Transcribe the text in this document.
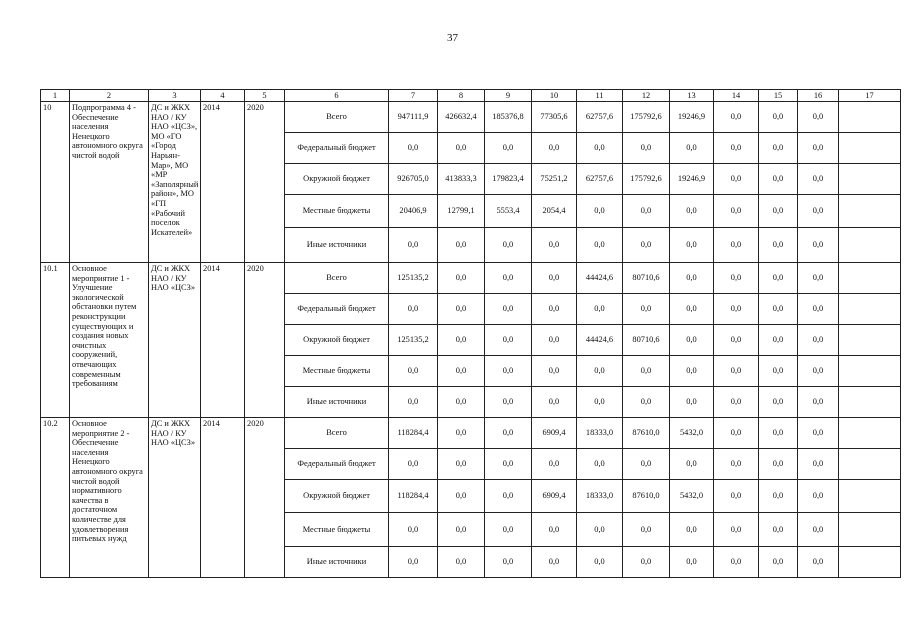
37
1	2	3	4	5	6	7	8	9	10	11	12	13	14	15	16	17
10	Подпрограмма 4 - Обеспечение населения Ненецкого автономного округа чистой водой	ДС и ЖКХ НАО / КУ НАО «ЦСЗ», МО «ГО «Город Нарьян-Мар», МО «МР «Заполярный район», МО «ГП «Рабочий поселок Искателей»	2014	2020	Всего	947111,9	426632,4	185376,8	77305,6	62757,6	175792,6	19246,9	0,0	0,0	0,0	
					Федеральный бюджет	0,0	0,0	0,0	0,0	0,0	0,0	0,0	0,0	0,0	0,0	
					Окружной бюджет	926705,0	413833,3	179823,4	75251,2	62757,6	175792,6	19246,9	0,0	0,0	0,0	
					Местные бюджеты	20406,9	12799,1	5553,4	2054,4	0,0	0,0	0,0	0,0	0,0	0,0	
					Иные источники	0,0	0,0	0,0	0,0	0,0	0,0	0,0	0,0	0,0	0,0	
10.1	Основное мероприятие 1 - Улучшение экологической обстановки путем реконструкции существующих и создания новых очистных сооружений, отвечающих современным требованиям	ДС и ЖКХ НАО / КУ НАО «ЦСЗ»	2014	2020	Всего	125135,2	0,0	0,0	0,0	44424,6	80710,6	0,0	0,0	0,0	0,0	
					Федеральный бюджет	0,0	0,0	0,0	0,0	0,0	0,0	0,0	0,0	0,0	0,0	
					Окружной бюджет	125135,2	0,0	0,0	0,0	44424,6	80710,6	0,0	0,0	0,0	0,0	
					Местные бюджеты	0,0	0,0	0,0	0,0	0,0	0,0	0,0	0,0	0,0	0,0	
					Иные источники	0,0	0,0	0,0	0,0	0,0	0,0	0,0	0,0	0,0	0,0	
10.2	Основное мероприятие 2 - Обеспечение населения Ненецкого автономного округа чистой водой нормативного качества в достаточном количестве для удовлетворения питьевых нужд	ДС и ЖКХ НАО / КУ НАО «ЦСЗ»	2014	2020	Всего	118284,4	0,0	0,0	6909,4	18333,0	87610,0	5432,0	0,0	0,0	0,0	
					Федеральный бюджет	0,0	0,0	0,0	0,0	0,0	0,0	0,0	0,0	0,0	0,0	
					Окружной бюджет	118284,4	0,0	0,0	6909,4	18333,0	87610,0	5432,0	0,0	0,0	0,0	
					Местные бюджеты	0,0	0,0	0,0	0,0	0,0	0,0	0,0	0,0	0,0	0,0	
					Иные источники	0,0	0,0	0,0	0,0	0,0	0,0	0,0	0,0	0,0	0,0	
